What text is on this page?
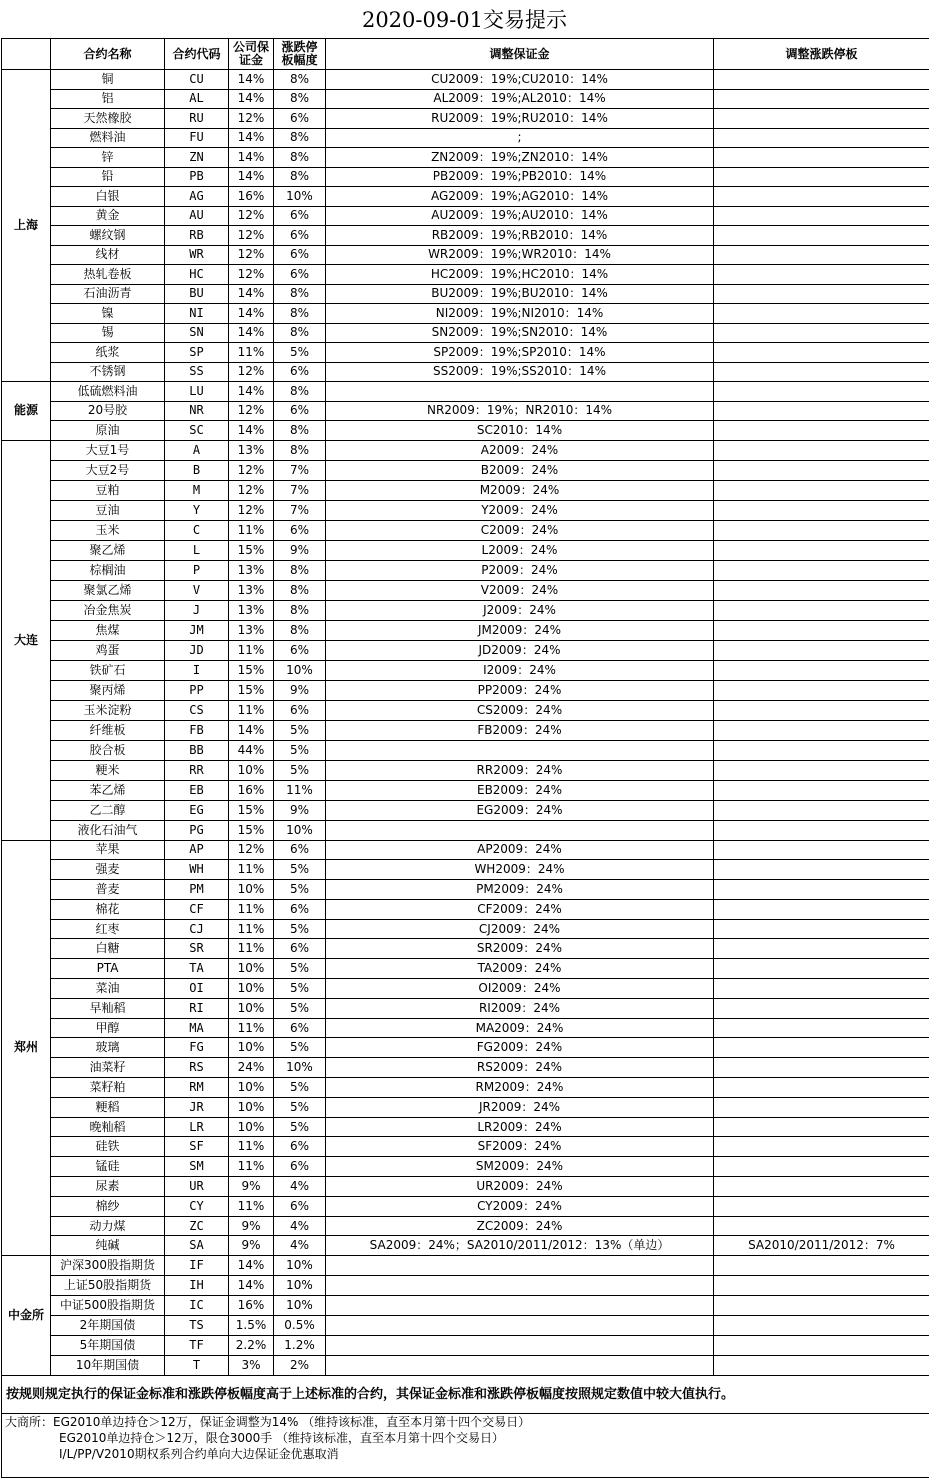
2020-09-01交易提示
	合约名称	合约代码	公司保证金	涨跌停板幅度	调整保证金	调整涨跌停板
上海	铜	CU	14%	8%	CU2009：19%;CU2010：14%	
	铝	AL	14%	8%	AL2009：19%;AL2010：14%	
	天然橡胶	RU	12%	6%	RU2009：19%;RU2010：14%	
	燃料油	FU	14%	8%	;	
	锌	ZN	14%	8%	ZN2009：19%;ZN2010：14%	
	铅	PB	14%	8%	PB2009：19%;PB2010：14%	
	白银	AG	16%	10%	AG2009：19%;AG2010：14%	
	黄金	AU	12%	6%	AU2009：19%;AU2010：14%	
	螺纹钢	RB	12%	6%	RB2009：19%;RB2010：14%	
	线材	WR	12%	6%	WR2009：19%;WR2010：14%	
	热轧卷板	HC	12%	6%	HC2009：19%;HC2010：14%	
	石油沥青	BU	14%	8%	BU2009：19%;BU2010：14%	
	镍	NI	14%	8%	NI2009：19%;NI2010：14%	
	锡	SN	14%	8%	SN2009：19%;SN2010：14%	
	纸浆	SP	11%	5%	SP2009：19%;SP2010：14%	
	不锈钢	SS	12%	6%	SS2009：19%;SS2010：14%	
能源	低硫燃料油	LU	14%	8%		
	20号胶	NR	12%	6%	NR2009：19%；NR2010：14%	
	原油	SC	14%	8%	SC2010：14%	
大连	大豆1号	A	13%	8%	A2009：24%	
	大豆2号	B	12%	7%	B2009：24%	
	豆粕	M	12%	7%	M2009：24%	
	豆油	Y	12%	7%	Y2009：24%	
	玉米	C	11%	6%	C2009：24%	
	聚乙烯	L	15%	9%	L2009：24%	
	棕榈油	P	13%	8%	P2009：24%	
	聚氯乙烯	V	13%	8%	V2009：24%	
	冶金焦炭	J	13%	8%	J2009：24%	
	焦煤	JM	13%	8%	JM2009：24%	
	鸡蛋	JD	11%	6%	JD2009：24%	
	铁矿石	I	15%	10%	I2009：24%	
	聚丙烯	PP	15%	9%	PP2009：24%	
	玉米淀粉	CS	11%	6%	CS2009：24%	
	纤维板	FB	14%	5%	FB2009：24%	
	胶合板	BB	44%	5%		
	粳米	RR	10%	5%	RR2009：24%	
	苯乙烯	EB	16%	11%	EB2009：24%	
	乙二醇	EG	15%	9%	EG2009：24%	
	液化石油气	PG	15%	10%		
郑州	苹果	AP	12%	6%	AP2009：24%	
	强麦	WH	11%	5%	WH2009：24%	
	普麦	PM	10%	5%	PM2009：24%	
	棉花	CF	11%	6%	CF2009：24%	
	红枣	CJ	11%	5%	CJ2009：24%	
	白糖	SR	11%	6%	SR2009：24%	
	PTA	TA	10%	5%	TA2009：24%	
	菜油	OI	10%	5%	OI2009：24%	
	早籼稻	RI	10%	5%	RI2009：24%	
	甲醇	MA	11%	6%	MA2009：24%	
	玻璃	FG	10%	5%	FG2009：24%	
	油菜籽	RS	24%	10%	RS2009：24%	
	菜籽粕	RM	10%	5%	RM2009：24%	
	粳稻	JR	10%	5%	JR2009：24%	
	晚籼稻	LR	10%	5%	LR2009：24%	
	硅铁	SF	11%	6%	SF2009：24%	
	锰硅	SM	11%	6%	SM2009：24%	
	尿素	UR	9%	4%	UR2009：24%	
	棉纱	CY	11%	6%	CY2009：24%	
	动力煤	ZC	9%	4%	ZC2009：24%	
	纯碱	SA	9%	4%	SA2009：24%；SA2010/2011/2012：13%（单边）	SA2010/2011/2012：7%
中金所	沪深300股指期货	IF	14%	10%		
	上证50股指期货	IH	14%	10%		
	中证500股指期货	IC	16%	10%		
	2年期国债	TS	1.5%	0.5%		
	5年期国债	TF	2.2%	1.2%		
	10年期国债	T	3%	2%		
按规则规定执行的保证金标准和涨跌停板幅度高于上述标准的合约，其保证金标准和涨跌停板幅度按照规定数值中较大值执行。						

大商所：EG2010单边持仓＞12万，保证金调整为14% （维持该标准，直至本月第十四个交易日）
EG2010单边持仓＞12万，限仓3000手 （维持该标准，直至本月第十四个交易日）
I/L/PP/V2010期权系列合约单向大边保证金优惠取消						
